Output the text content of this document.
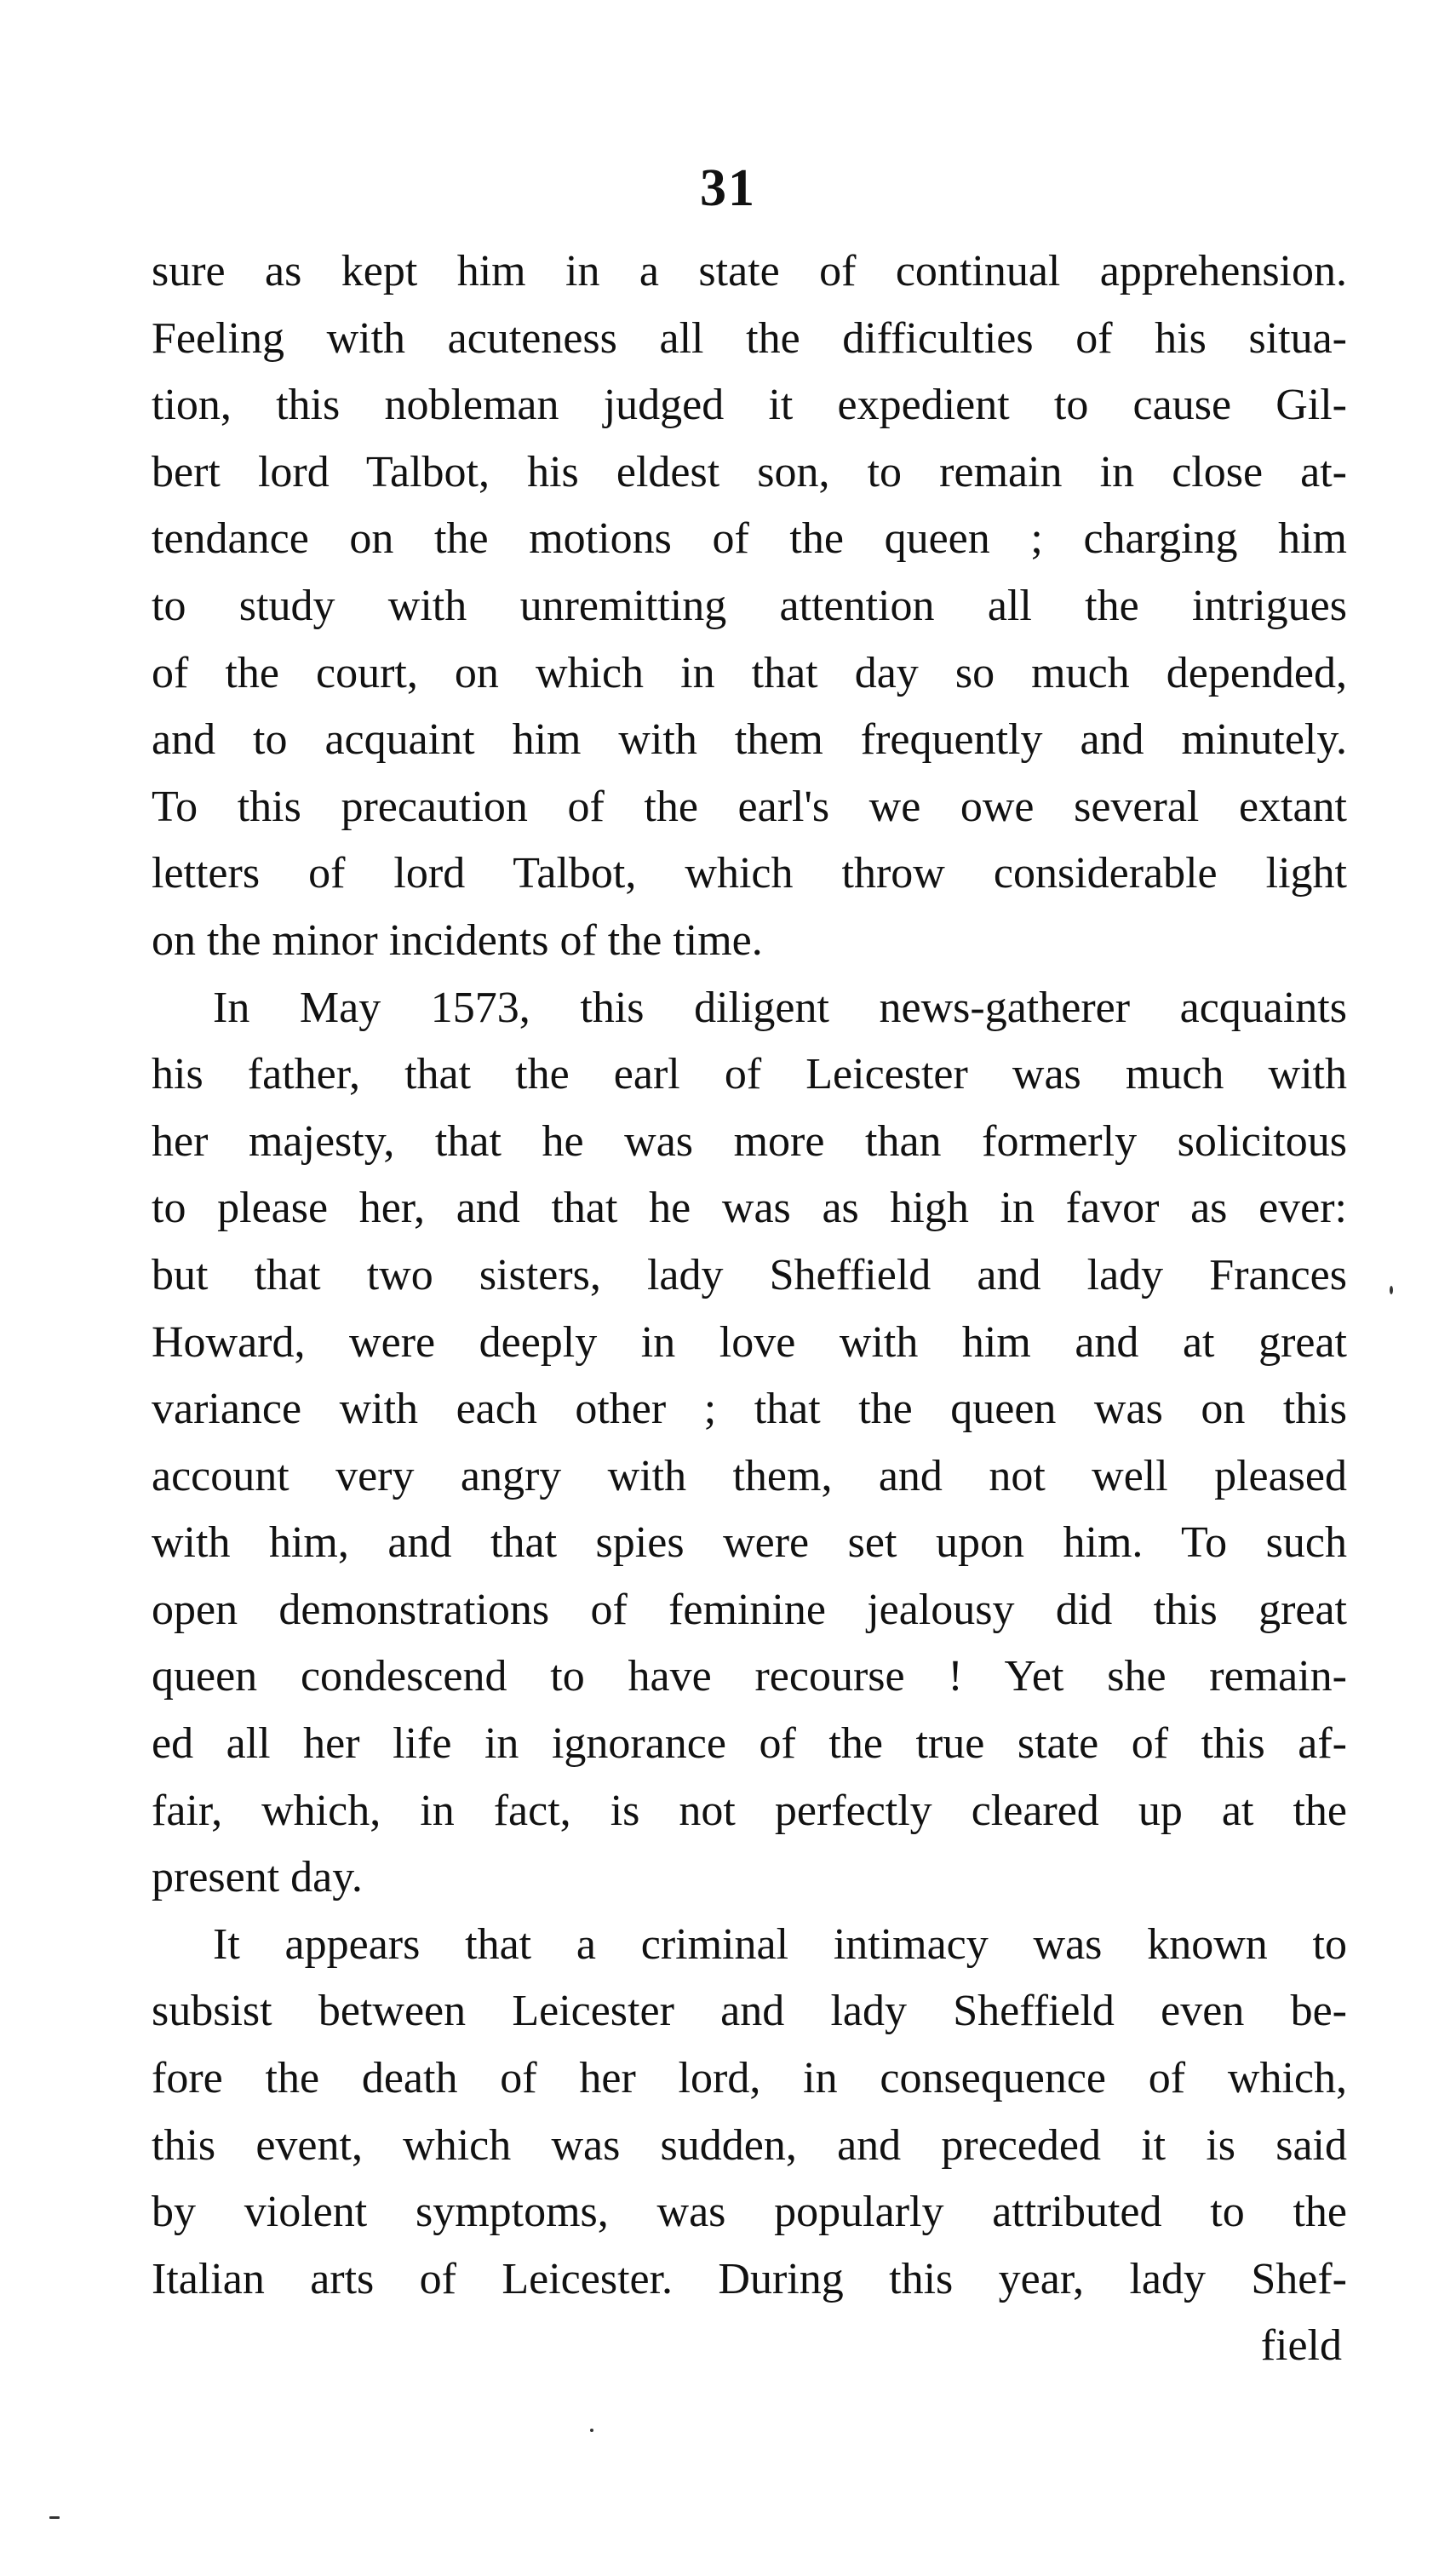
31
sure as kept him in a state of continual apprehension.
Feeling with acuteness all the difficulties of his situa-
tion, this nobleman judged it expedient to cause Gil-
bert lord Talbot, his eldest son, to remain in close at-
tendance on the motions of the queen ; charging him
to study with unremitting attention all the intrigues
of the court, on which in that day so much depended,
and to acquaint him with them frequently and minutely.
To this precaution of the earl's we owe several extant
letters of lord Talbot, which throw considerable light
on the minor incidents of the time.
In May 1573, this diligent news-gatherer acquaints
his father, that the earl of Leicester was much with
her majesty, that he was more than formerly solicitous
to please her, and that he was as high in favor as ever:
but that two sisters, lady Sheffield and lady Frances
Howard, were deeply in love with him and at great
variance with each other ; that the queen was on this
account very angry with them, and not well pleased
with him, and that spies were set upon him. To such
open demonstrations of feminine jealousy did this great
queen condescend to have recourse ! Yet she remain-
ed all her life in ignorance of the true state of this af-
fair, which, in fact, is not perfectly cleared up at the
present day.
It appears that a criminal intimacy was known to
subsist between Leicester and lady Sheffield even be-
fore the death of her lord, in consequence of which,
this event, which was sudden, and preceded it is said
by violent symptoms, was popularly attributed to the
Italian arts of Leicester. During this year, lady Shef-
field
